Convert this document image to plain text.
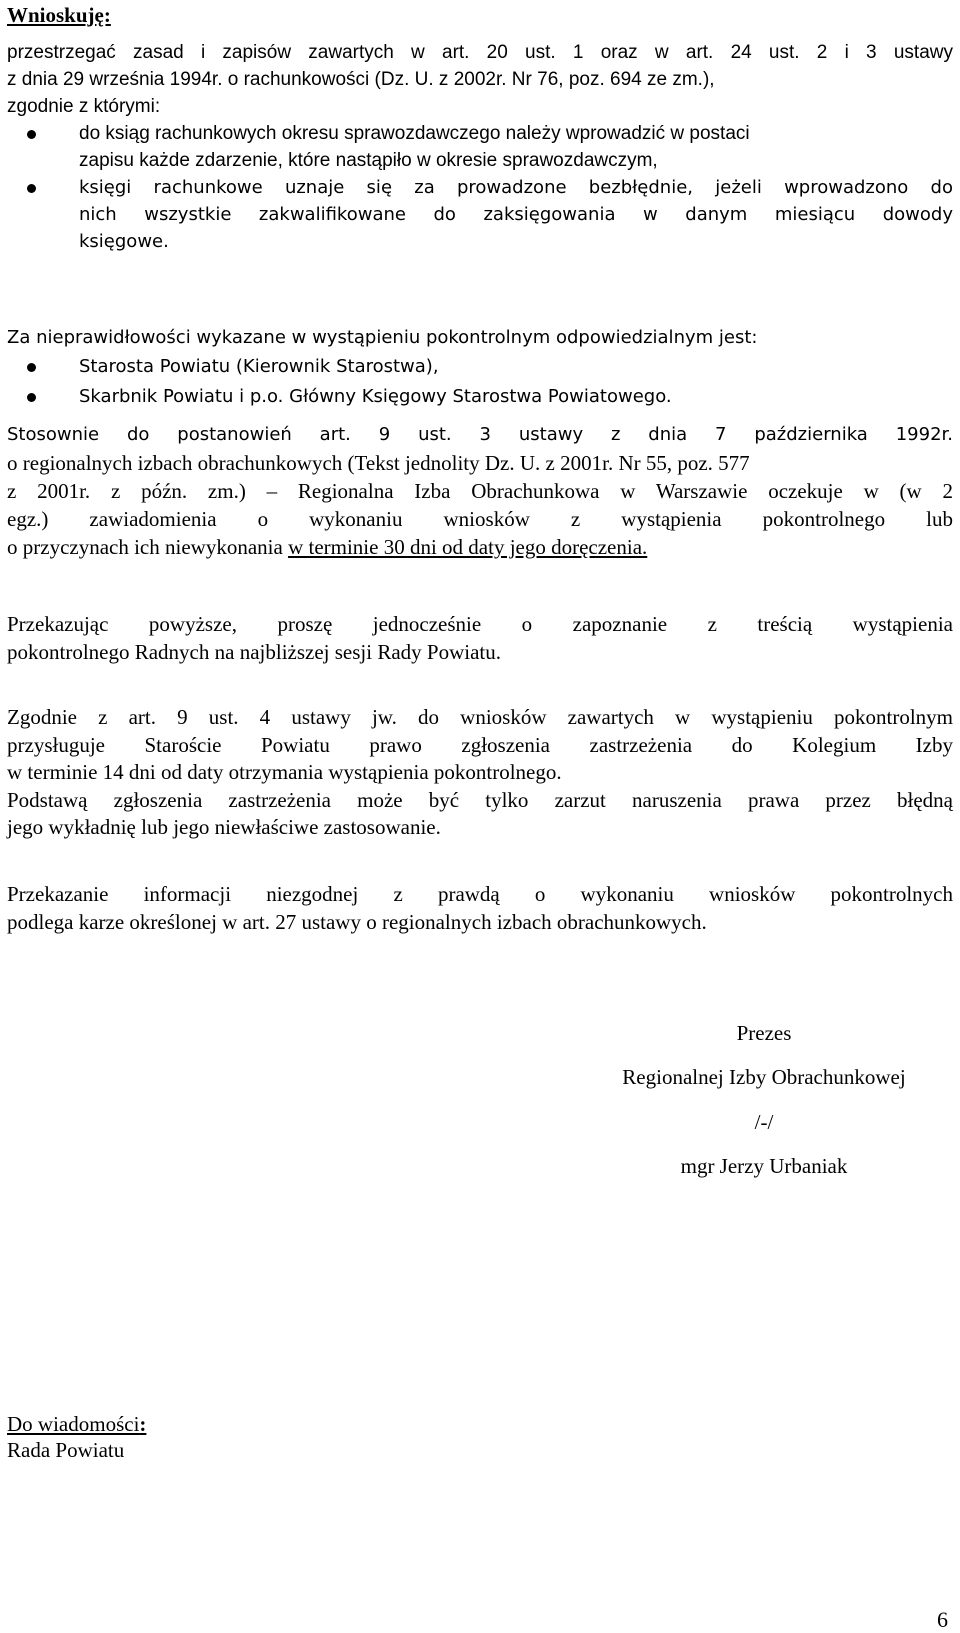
Wnioskuję:
przestrzegać zasad i zapisów zawartych w art. 20 ust. 1 oraz w art. 24 ust. 2 i 3 ustawy
z dnia 29 września 1994r. o rachunkowości (Dz. U. z 2002r. Nr 76, poz. 694 ze zm.),
zgodnie z którymi:
do ksiąg rachunkowych okresu sprawozdawczego należy wprowadzić w postaci
zapisu każde zdarzenie, które nastąpiło w okresie sprawozdawczym,
księgi rachunkowe uznaje się za prowadzone bezbłędnie, jeżeli wprowadzono do
nich wszystkie zakwalifikowane do zaksięgowania w danym miesiącu dowody
księgowe.
Za nieprawidłowości wykazane w wystąpieniu pokontrolnym odpowiedzialnym jest:
Starosta Powiatu (Kierownik Starostwa),
Skarbnik Powiatu i p.o. Główny Księgowy Starostwa Powiatowego.
Stosownie do postanowień art. 9 ust. 3 ustawy z dnia 7 października 1992r.
o regionalnych izbach obrachunkowych (Tekst jednolity Dz. U. z 2001r. Nr 55, poz. 577
z 2001r. z późn. zm.) – Regionalna Izba Obrachunkowa w Warszawie oczekuje w (w 2
egz.) zawiadomienia o wykonaniu wniosków z wystąpienia pokontrolnego lub
o przyczynach ich niewykonania w terminie 30 dni od daty jego doręczenia.
Przekazując powyższe, proszę jednocześnie o zapoznanie z treścią wystąpienia
pokontrolnego Radnych na najbliższej sesji Rady Powiatu.
Zgodnie z art. 9 ust. 4 ustawy jw. do wniosków zawartych w wystąpieniu pokontrolnym
przysługuje Staroście Powiatu prawo zgłoszenia zastrzeżenia do Kolegium Izby
w terminie 14 dni od daty otrzymania wystąpienia pokontrolnego.
Podstawą zgłoszenia zastrzeżenia może być tylko zarzut naruszenia prawa przez błędną
jego wykładnię lub jego niewłaściwe zastosowanie.
Przekazanie informacji niezgodnej z prawdą o wykonaniu wniosków pokontrolnych
podlega karze określonej w art. 27 ustawy o regionalnych izbach obrachunkowych.
Prezes
Regionalnej Izby Obrachunkowej
/-/
mgr Jerzy Urbaniak
Do wiadomości:
Rada Powiatu
6
